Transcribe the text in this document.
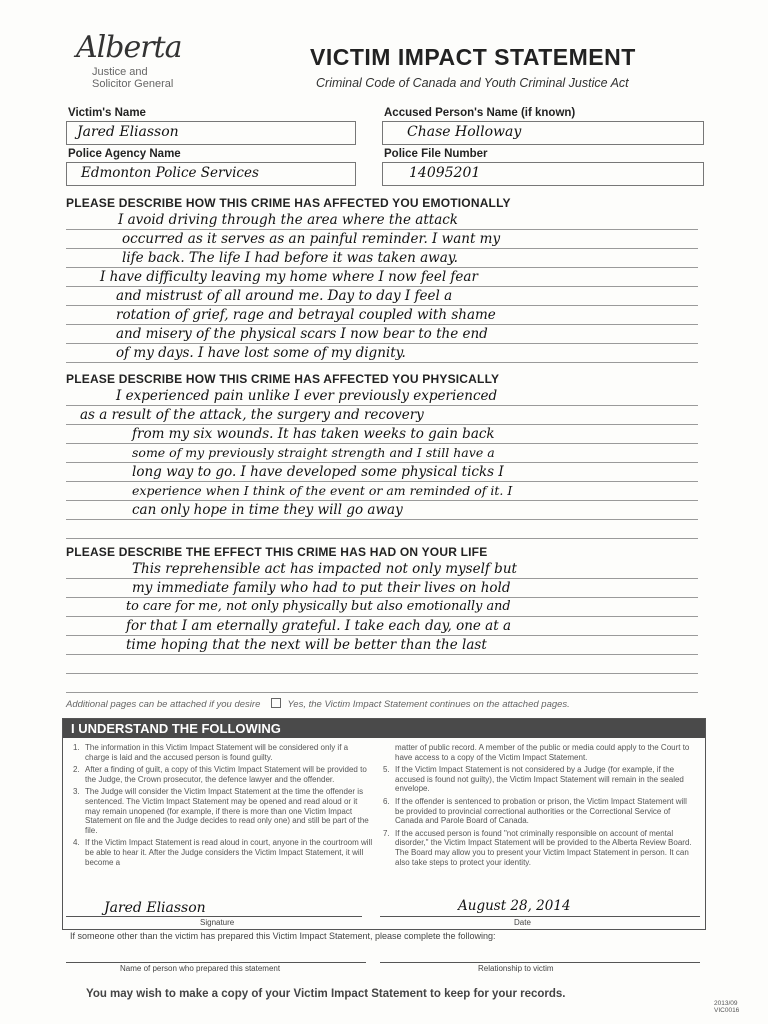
Alberta
Justice and
Solicitor General
VICTIM IMPACT STATEMENT
Criminal Code of Canada and Youth Criminal Justice Act
Victim's Name
Jared Eliasson
Accused Person's Name (if known)
Chase Holloway
Police Agency Name
Edmonton Police Services
Police File Number
14095201
PLEASE DESCRIBE HOW THIS CRIME HAS AFFECTED YOU EMOTIONALLY
I avoid driving through the area where the attack
occurred as it serves as an painful reminder. I want my
life back. The life I had before it was taken away.
I have difficulty leaving my home where I now feel fear
and mistrust of all around me. Day to day I feel a
rotation of grief, rage and betrayal coupled with shame
and misery of the physical scars I now bear to the end
of my days. I have lost some of my dignity.
PLEASE DESCRIBE HOW THIS CRIME HAS AFFECTED YOU PHYSICALLY
I experienced pain unlike I ever previously experienced
as a result of the attack, the surgery and recovery
from my six wounds. It has taken weeks to gain back
some of my previously straight strength and I still have a
long way to go. I have developed some physical ticks I
experience when I think of the event or am reminded of it. I
can only hope in time they will go away
PLEASE DESCRIBE THE EFFECT THIS CRIME HAS HAD ON YOUR LIFE
This reprehensible act has impacted not only myself but
my immediate family who had to put their lives on hold
to care for me, not only physically but also emotionally and
for that I am eternally grateful. I take each day, one at a
time hoping that the next will be better than the last
Additional pages can be attached if you desire	Yes, the Victim Impact Statement continues on the attached pages.
I UNDERSTAND THE FOLLOWING

1. The information in this Victim Impact Statement will be considered only if a charge is laid and the accused person is found guilty.

2. After a finding of guilt, a copy of this Victim Impact Statement will be provided to the Judge, the Crown prosecutor, the defence lawyer and the offender.

3. The Judge will consider the Victim Impact Statement at the time the offender is sentenced. The Victim Impact Statement may be opened and read aloud or it may remain unopened (for example, if there is more than one Victim Impact Statement on file and the Judge decides to read only one) and still be part of the file.

4. If the Victim Impact Statement is read aloud in court, anyone in the courtroom will be able to hear it. After the Judge considers the Victim Impact Statement, it will become a

matter of public record. A member of the public or media could apply to the Court to have access to a copy of the Victim Impact Statement.

5. If the Victim Impact Statement is not considered by a Judge (for example, if the accused is found not guilty), the Victim Impact Statement will remain in the sealed envelope.

6. If the offender is sentenced to probation or prison, the Victim Impact Statement will be provided to provincial correctional authorities or the Correctional Service of Canada and Parole Board of Canada.

7. If the accused person is found "not criminally responsible on account of mental disorder," the Victim Impact Statement will be provided to the Alberta Review Board. The Board may allow you to present your Victim Impact Statement in person. It can also take steps to protect your identity.

Jared Eliasson
Signature
August 28, 2014
Date
If someone other than the victim has prepared this Victim Impact Statement, please complete the following:
Name of person who prepared this statement	Relationship to victim
You may wish to make a copy of your Victim Impact Statement to keep for your records.
2013/09
VIC0016
